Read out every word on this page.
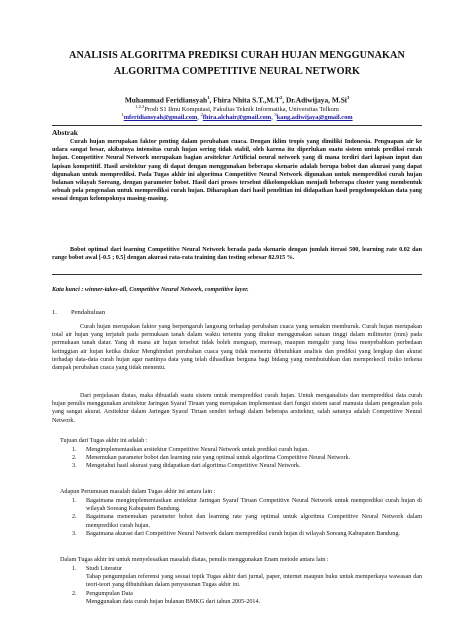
ANALISIS ALGORITMA PREDIKSI CURAH HUJAN MENGGUNAKAN
ALGORITMA COMPETITIVE NEURAL NETWORK
Muhammad Feridiansyah$^1$, Fhira Nhita $S.T.,M.T^2$, Dr.Adiwijaya, M.Si$^3$
$^{1,2,3}$Prodi S1 Ilmu Komputasi, Fakultas Teknik Informatika, Universitas Telkom
$^1$mferidiansyah@gmail.com, $^2$fhira.alchair@gmail.com, $^3$kang.adiwijaya@gmail.com
Abstrak
Curah hujan merupakan faktor penting dalam perubahan cuaca. Dengan iklim tropis yang dimiliki Indonesia. Penguapan air ke udara sangat besar, akibatnya intensitas curah hujan sering tidak stabil, oleh karena itu diperlukan suatu sistem untuk prediksi curah hujan. Competitive Neural Network merupakan bagian arsitektur Artificial neural network yang di mana terdiri dari lapisan input dan lapisan kompetitif. Hasil arsitektur yang di dapat dengan menggunakan beberapa skenario adalah berupa bobot dan akurasi yang dapat digunakan untuk memprediksi. Pada Tugas akhir ini algoritma Competitive Neural Network digunakan untuk memprediksi curah hujan bulanan wilayah Soreang, dengan parameter bobot. Hasil dari proses tersebut dikelompokkan menjadi beberapa cluster yang membentuk sebuah pola pengenalan untuk memprediksi curah hujan. Diharapkan dari hasil penelitian ini didapatkan hasil pengelompokkan data yang sesuai dengan kelompoknya masing-masing.
Bobot optimal dari learning Competitive Neural Network berada pada skenario dengan jumlah iterasi 500, learning rate 0.02 dan range bobot awal [-0.5 ; 0.5] dengan akurasi rata-rata training dan testing sebesar 82.915 %.
Kata kunci : winner-takes-all, Competitive Neural Network, competitive layer.
1. Pendahuluan
Curah hujan merupakan faktor yang berpengaruh langsung terhadap perubahan cuaca yang semakin memburuk. Curah hujan merupakan total air hujan yang terjatuh pada permukaan tanah dalam waktu tertentu yang diukur menggunakan satuan tinggi dalam milimeter (mm) pada permukaan tanah datar. Yang di mana air hujan tersebut tidak boleh menguap, meresap, maupun mengalir yang bisa menyebabkan perbedaan ketinggian air hujan ketika diukur Menghindari perubahan cuaca yang tidak menentu dibutuhkan analisis dan prediksi yang lengkap dan akurat terhadap data-data curah hujan agar nantinya data yang telah dihasilkan berguna bagi bidang yang membutuhkan dan memperkecil risiko terkena dampak perubahan cuaca yang tidak menentu.
Dari penjelasan diatas, maka dibuatlah suatu sistem untuk memprediksi curah hujan. Untuk menganalisis dan memprediksi data curah hujan penulis menggunakan arsitektur Jaringan Syaraf Tiruan yang merupakan implementasi dari fungsi sistem saraf manusia dalam pengenalan pola yang sangat akurat. Arsitektur dalam Jaringan Syaraf Tiruan sendiri terbagi dalam beberapa arsitektur, salah satunya adalah Competitive Neural Network.
Tujuan dari Tugas akhir ini adalah :
1. Mengimplementasikan arsitektur Competitive Neural Network untuk prediksi curah hujan.
2. Menemukan parameter bobot dan learning rate yang optimal untuk algoritma Competitive Neural Network.
3. Mengetahui hasil akurasi yang didapatkan dari algoritma Competitive Neural Network.
Adapun Perumusan masalah dalam Tugas akhir ini antara lain :
1. Bagaimana mengimplementasikan arsitektur Jaringan Syaraf Tiruan Competitive Neural Network untuk memprediksi curah hujan di wilayah Soreang Kabupaten Bandung.
2. Bagaimana menemukan parameter bobot dan learning rate yang optimal untuk algoritma Competitive Neural Network dalam memprediksi curah hujan.
3. Bagaimana akurasi dari Competitive Neural Network dalam memprediksi curah hujan di wilayah Soreang Kabupaten Bandung.
Dalam Tugas akhir ini untuk menyelesaikan masalah diatas, penulis menggunakan Enam metode antara lain :
1. Studi Literatur
Tahap pengumpulan referensi yang sesuai topik Tugas akhir dari jurnal, paper, internet maupun buku untuk memperkaya wawasan dan teori-teori yang dibutuhkan dalam penyusunan Tugas akhir ini.
2. Pengumpulan Data
Menggunakan data curah hujan bulanan BMKG dari tahun 2005-2014.
